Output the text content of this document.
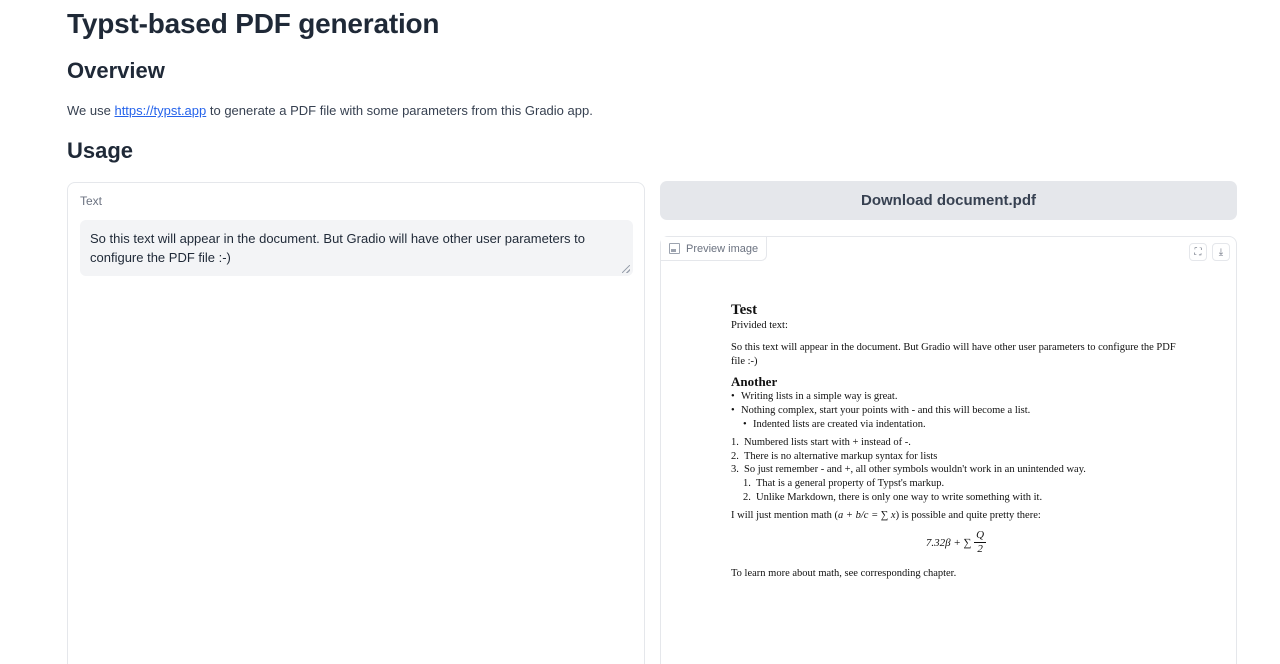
Typst-based PDF generation
Overview
We use https://typst.app to generate a PDF file with some parameters from this Gradio app.
Usage
Text
So this text will appear in the document. But Gradio will have other user parameters to configure the PDF file :-)
Download document.pdf
Preview image	⛶ ⤓
Test

Privided text:

So this text will appear in the document. But Gradio will have other user parameters to configure the PDF file :-)

Another
• Writing lists in a simple way is great.
• Nothing complex, start your points with - and this will become a list.
• Indented lists are created via indentation.
1. Numbered lists start with + instead of -.
2. There is no alternative markup syntax for lists
3. So just remember - and +, all other symbols wouldn't work in an unintended way.
1. That is a general property of Typst's markup.
2. Unlike Markdown, there is only one way to write something with it.

I will just mention math (a + b/c = ∑ x) is possible and quite pretty there:

7.32β + ∑ $\frac{Q}{2}$

To learn more about math, see corresponding chapter.
